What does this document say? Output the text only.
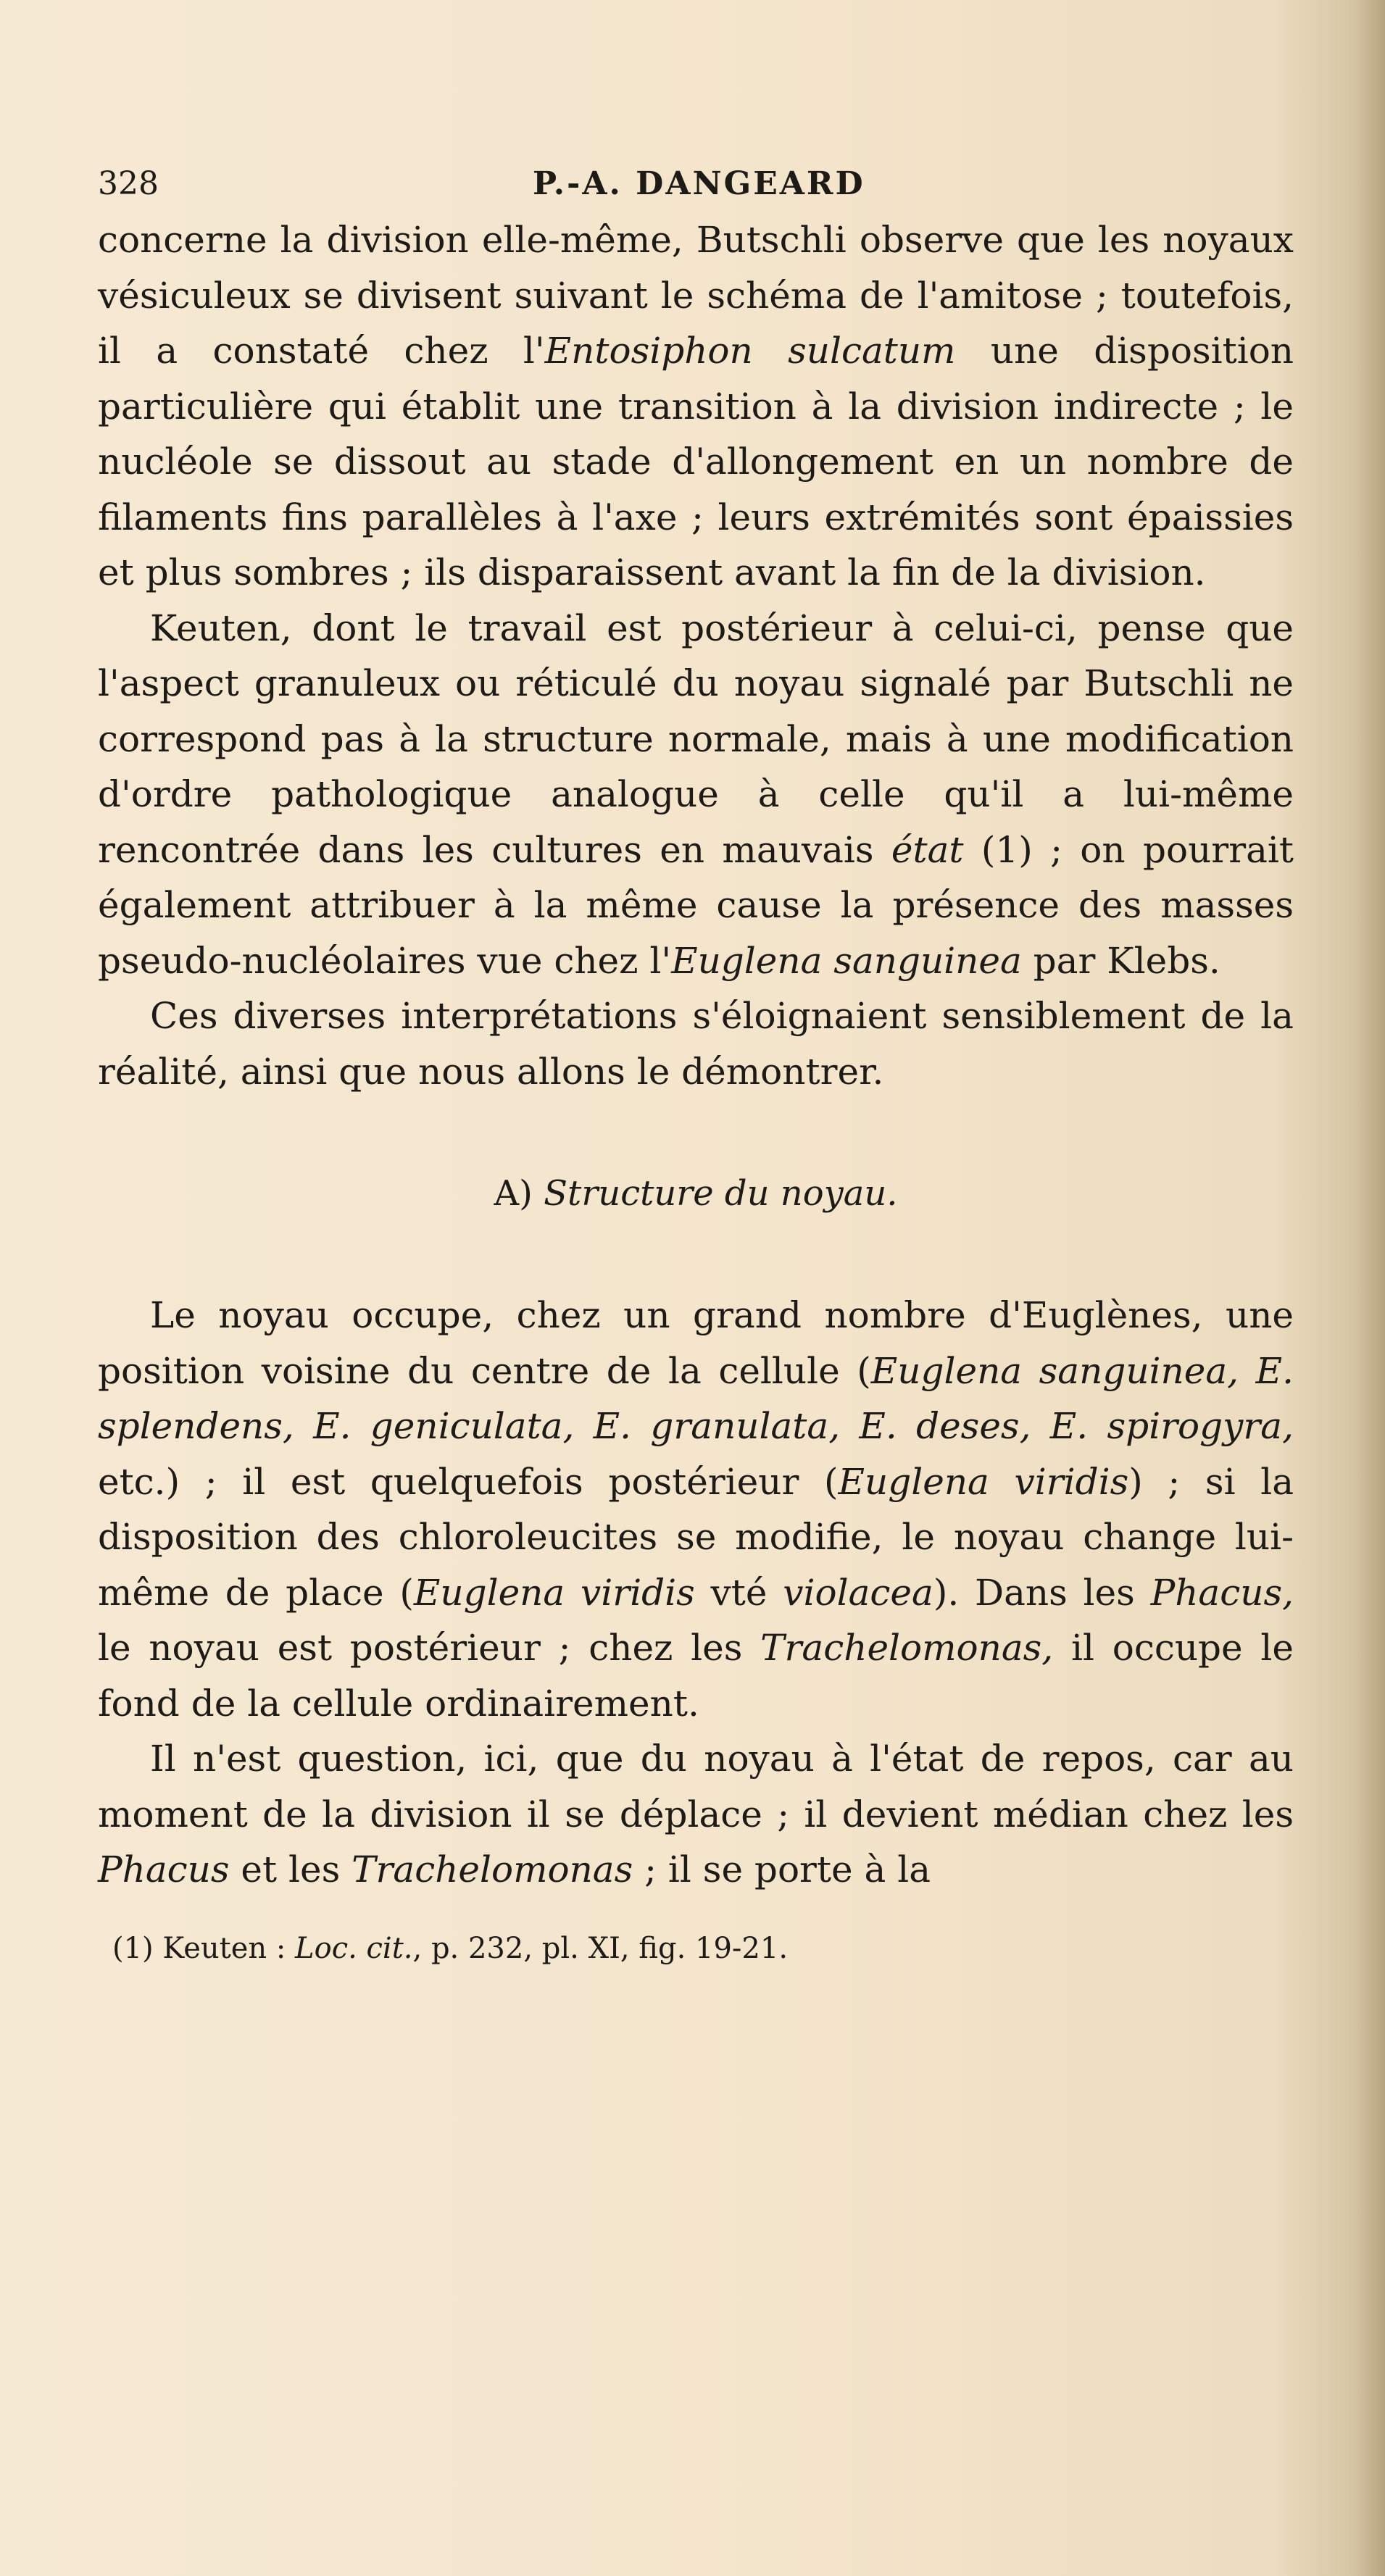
328	P.-A. DANGEARD

concerne la division elle-même, Butschli observe que les noyaux vésiculeux se divisent suivant le schéma de l'amitose ; toutefois, il a constaté chez l'Entosiphon sulcatum une disposition particulière qui établit une transition à la division indirecte ; le nucléole se dissout au stade d'allongement en un nombre de filaments fins parallèles à l'axe ; leurs extrémités sont épaissies et plus sombres ; ils disparaissent avant la fin de la division.

Keuten, dont le travail est postérieur à celui-ci, pense que l'aspect granuleux ou réticulé du noyau signalé par Butschli ne correspond pas à la structure normale, mais à une modification d'ordre pathologique analogue à celle qu'il a lui-même rencontrée dans les cultures en mauvais état (1) ; on pourrait également attribuer à la même cause la présence des masses pseudo-nucléolaires vue chez l'Euglena sanguinea par Klebs.

Ces diverses interprétations s'éloignaient sensiblement de la réalité, ainsi que nous allons le démontrer.

A) Structure du noyau.

Le noyau occupe, chez un grand nombre d'Euglènes, une position voisine du centre de la cellule (Euglena sanguinea, E. splendens, E. geniculata, E. granulata, E. deses, E. spirogyra, etc.) ; il est quelquefois postérieur (Euglena viridis) ; si la disposition des chloroleucites se modifie, le noyau change lui-même de place (Euglena viridis vté violacea). Dans les Phacus, le noyau est postérieur ; chez les Trachelomonas, il occupe le fond de la cellule ordinairement.

Il n'est question, ici, que du noyau à l'état de repos, car au moment de la division il se déplace ; il devient médian chez les Phacus et les Trachelomonas ; il se porte à la

(1) Keuten : Loc. cit., p. 232, pl. XI, fig. 19-21.
